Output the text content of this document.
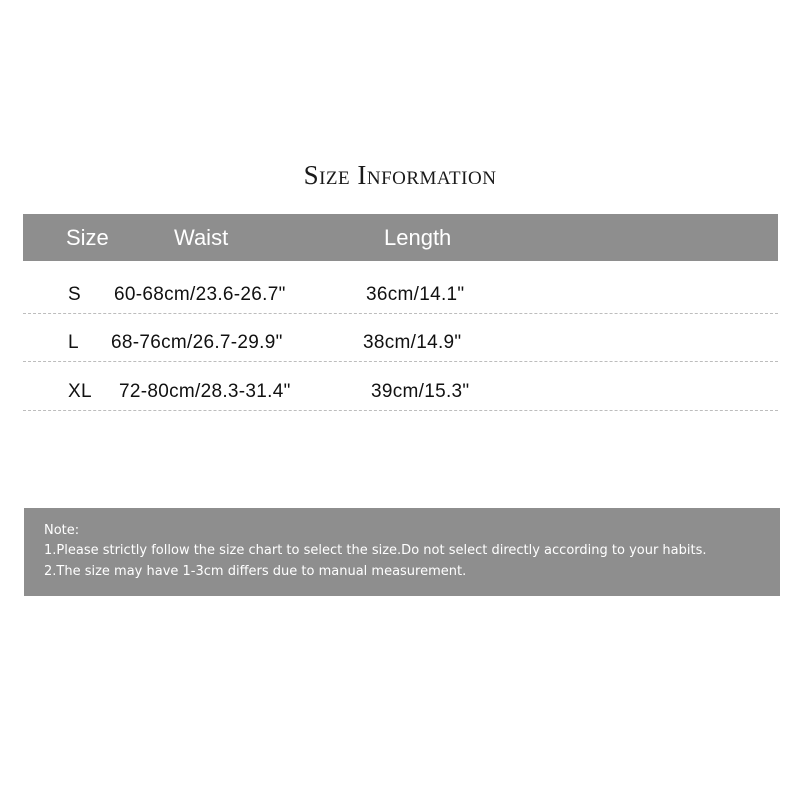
Size Information
Size	Waist	Length
S 60-68cm/23.6-26.7"	36cm/14.1"
L 68-76cm/26.7-29.9"	38cm/14.9"
XL 72-80cm/28.3-31.4"	39cm/15.3"
Note:
1.Please strictly follow the size chart to select the size.Do not select directly according to your habits.
2.The size may have 1-3cm differs due to manual measurement.
